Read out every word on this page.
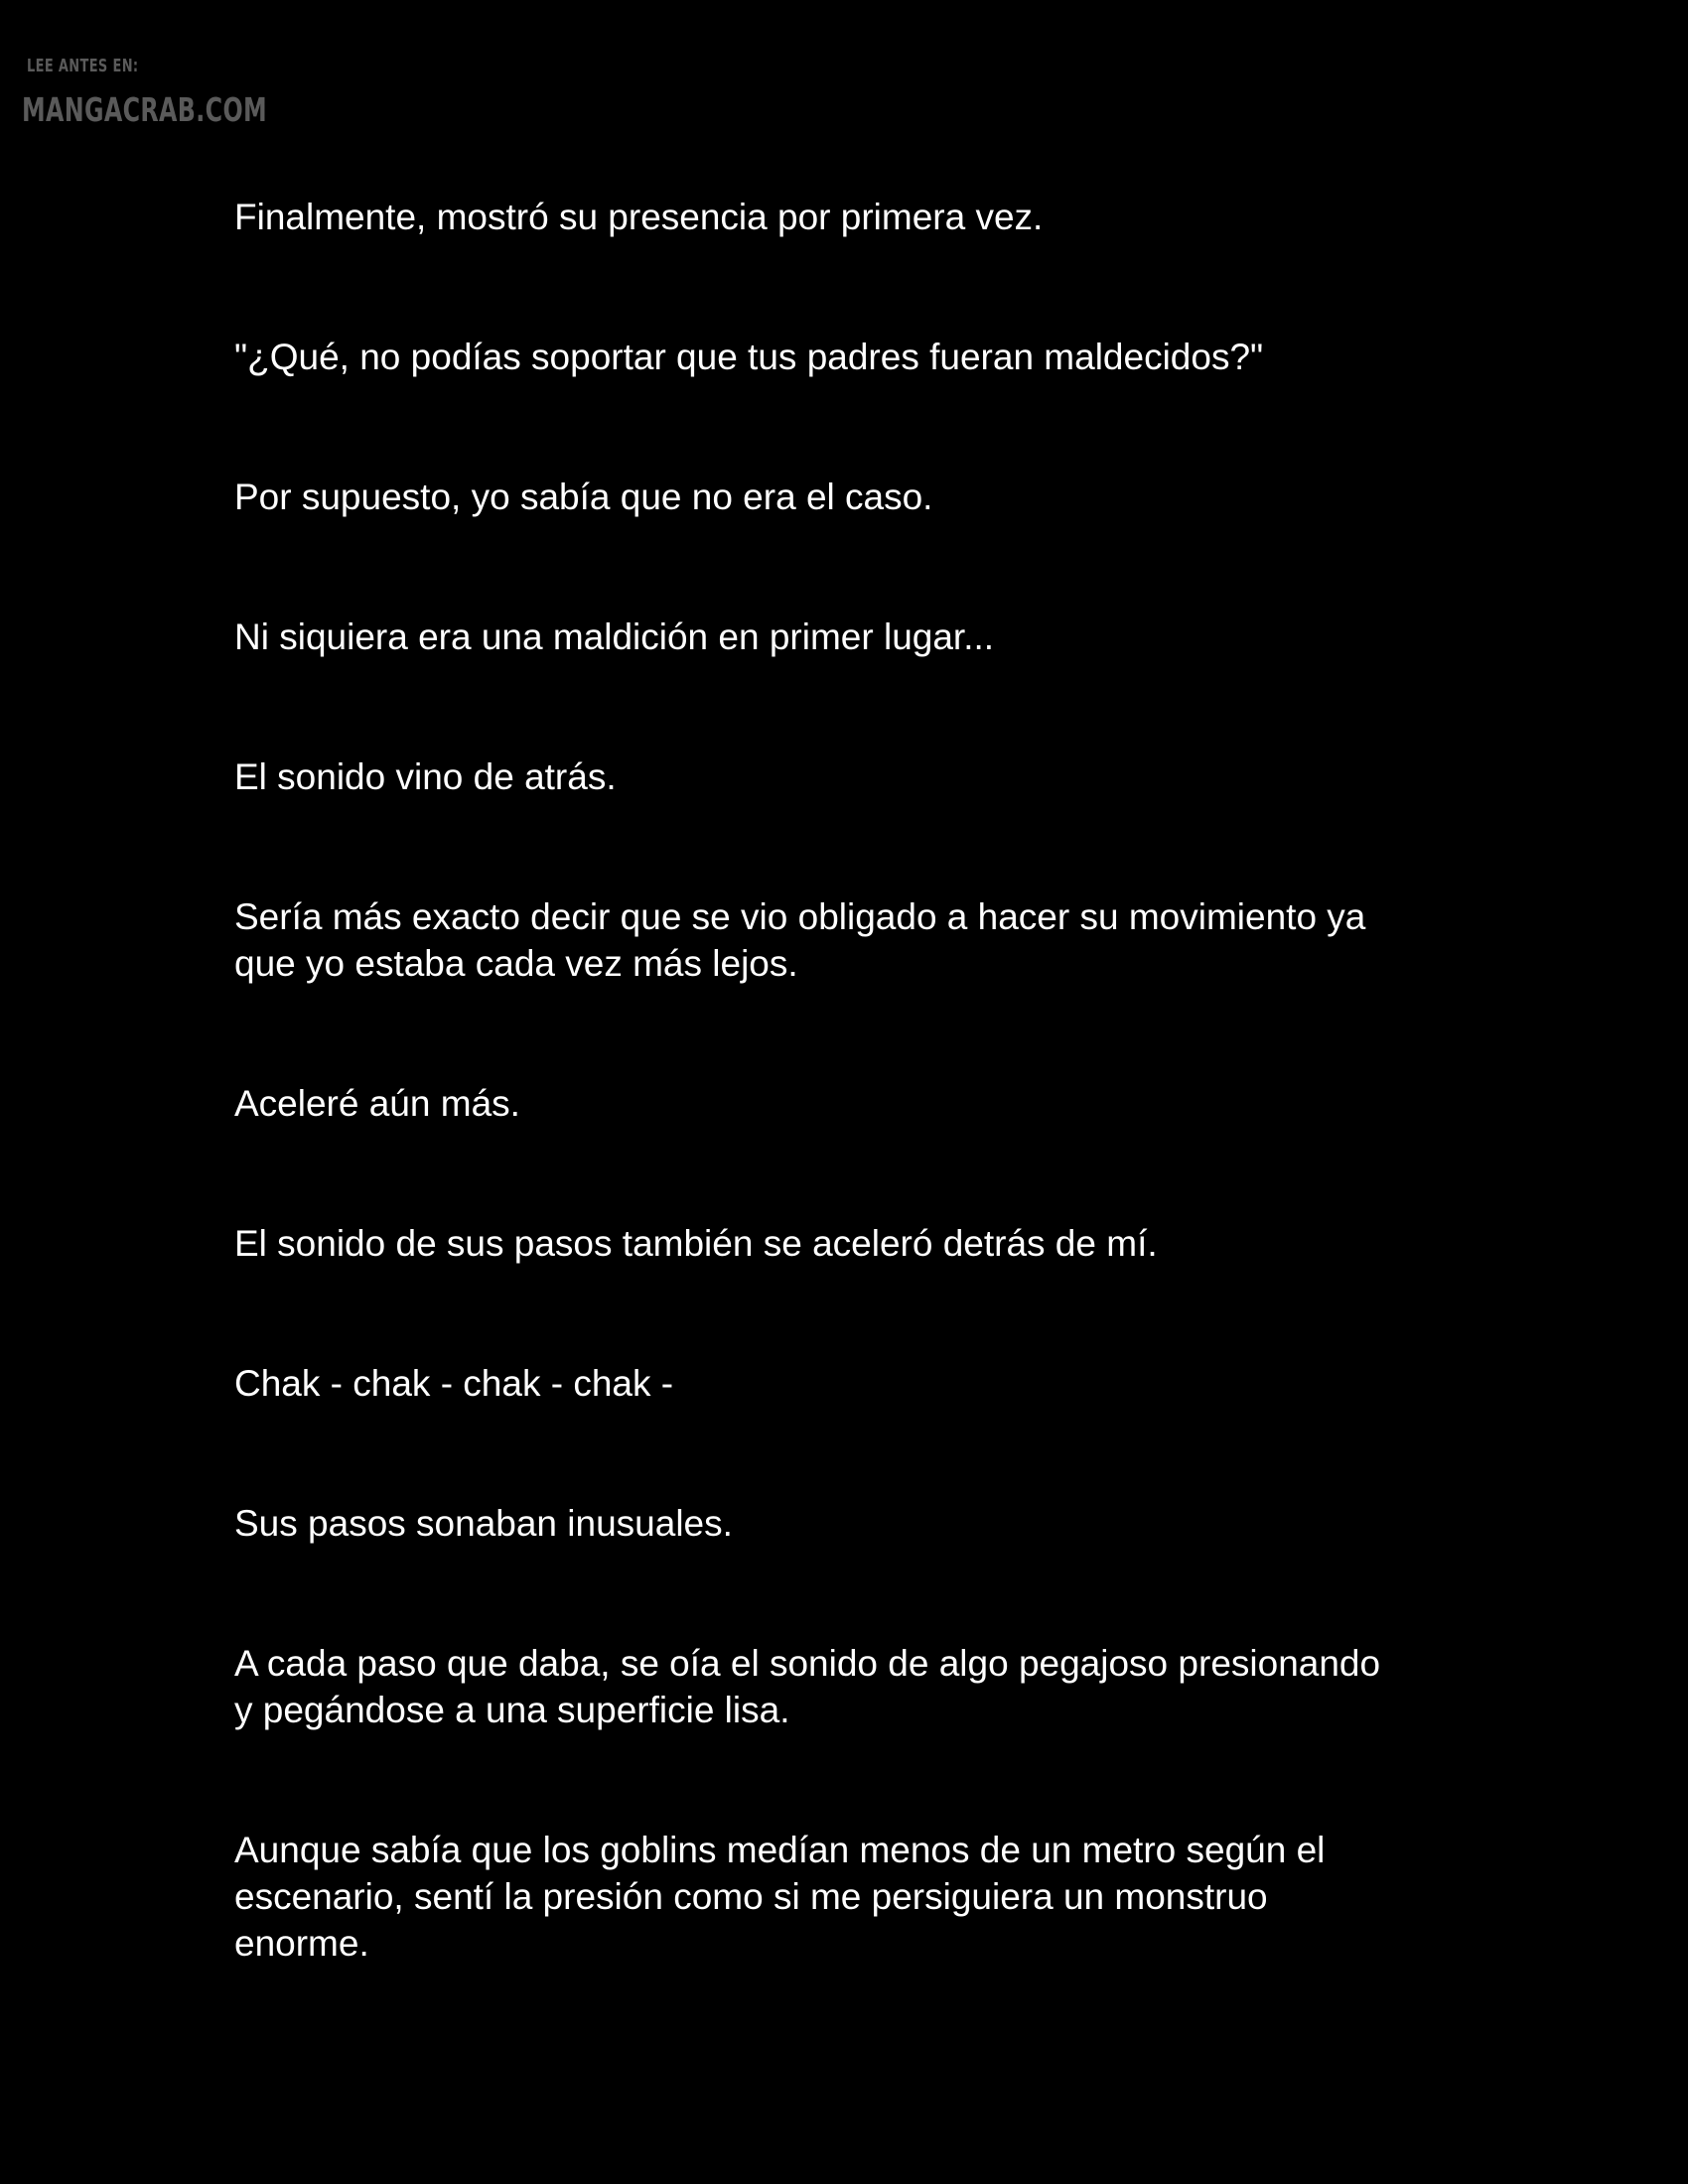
LEE ANTES EN:
MANGACRAB.COM

Finalmente, mostró su presencia por primera vez.

"¿Qué, no podías soportar que tus padres fueran maldecidos?"

Por supuesto, yo sabía que no era el caso.

Ni siquiera era una maldición en primer lugar...

El sonido vino de atrás.

Sería más exacto decir que se vio obligado a hacer su movimiento ya
que yo estaba cada vez más lejos.

Aceleré aún más.

El sonido de sus pasos también se aceleró detrás de mí.

Chak - chak - chak - chak -

Sus pasos sonaban inusuales.

A cada paso que daba, se oía el sonido de algo pegajoso presionando
y pegándose a una superficie lisa.

Aunque sabía que los goblins medían menos de un metro según el
escenario, sentí la presión como si me persiguiera un monstruo
enorme.
